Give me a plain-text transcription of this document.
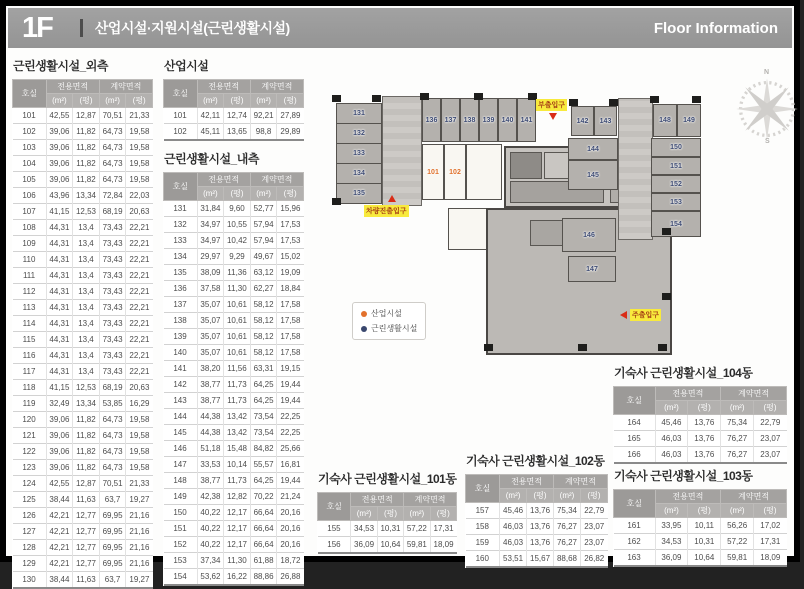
1F	산업시설·지원시설(근린생활시설)	Floor Information
근린생활시설_외측
호실	전용면적		계약면적	
	(m²)	(평)	(m²)	(평)
101	42,55	12,87	70,51	21,33
102	39,06	11,82	64,73	19,58
103	39,06	11,82	64,73	19,58
104	39,06	11,82	64,73	19,58
105	39,06	11,82	64,73	19,58
106	43,96	13,34	72,84	22,03
107	41,15	12,53	68,19	20,63
108	44,31	13,4	73,43	22,21
109	44,31	13,4	73,43	22,21
110	44,31	13,4	73,43	22,21
111	44,31	13,4	73,43	22,21
112	44,31	13,4	73,43	22,21
113	44,31	13,4	73,43	22,21
114	44,31	13,4	73,43	22,21
115	44,31	13,4	73,43	22,21
116	44,31	13,4	73,43	22,21
117	44,31	13,4	73,43	22,21
118	41,15	12,53	68,19	20,63
119	32,49	13,34	53,85	16,29
120	39,06	11,82	64,73	19,58
121	39,06	11,82	64,73	19,58
122	39,06	11,82	64,73	19,58
123	39,06	11,82	64,73	19,58
124	42,55	12,87	70,51	21,33
125	38,44	11,63	63,7	19,27
126	42,21	12,77	69,95	21,16
127	42,21	12,77	69,95	21,16
128	42,21	12,77	69,95	21,16
129	42,21	12,77	69,95	21,16
130	38,44	11,63	63,7	19,27
산업시설
호실	전용면적		계약면적	
	(m²)	(평)	(m²)	(평)
101	42,11	12,74	92,21	27,89
102	45,11	13,65	98,8	29,89
근린생활시설_내측
호실	전용면적		계약면적	
	(m²)	(평)	(m²)	(평)
131	31,84	9,60	52,77	15,96
132	34,97	10,55	57,94	17,53
133	34,97	10,42	57,94	17,53
134	29,97	9,29	49,67	15,02
135	38,09	11,36	63,12	19,09
136	37,58	11,30	62,27	18,84
137	35,07	10,61	58,12	17,58
138	35,07	10,61	58,12	17,58
139	35,07	10,61	58,12	17,58
140	35,07	10,61	58,12	17,58
141	38,20	11,56	63,31	19,15
142	38,77	11,73	64,25	19,44
143	38,77	11,73	64,25	19,44
144	44,38	13,42	73,54	22,25
145	44,38	13,42	73,54	22,25
146	51,18	15,48	84,82	25,66
147	33,53	10,14	55,57	16,81
148	38,77	11,73	64,25	19,44
149	42,38	12,82	70,22	21,24
150	40,22	12,17	66,64	20,16
151	40,22	12,17	66,64	20,16
152	40,22	12,17	66,64	20,16
153	37,34	11,30	61,88	18,72
154	53,62	16,22	88,86	26,88
기숙사 근린생활시설_101동
호실	전용면적		계약면적	
	(m²)	(평)	(m²)	(평)
155	34,53	10,31	57,22	17,31
156	36,09	10,64	59,81	18,09
기숙사 근린생활시설_102동
호실	전용면적		계약면적	
	(m²)	(평)	(m²)	(평)
157	45,46	13,76	75,34	22,79
158	46,03	13,76	76,27	23,07
159	46,03	13,76	76,27	23,07
160	53,51	15,67	88,68	26,82
기숙사 근린생활시설_104동
호실	전용면적		계약면적	
	(m²)	(평)	(m²)	(평)
164	45,46	13,76	75,34	22,79
165	46,03	13,76	76,27	23,07
166	46,03	13,76	76,27	23,07
기숙사 근린생활시설_103동
호실	전용면적		계약면적	
	(m²)	(평)	(m²)	(평)
161	33,95	10,11	56,26	17,02
162	34,53	10,31	57,22	17,31
163	36,09	10,64	59,81	18,09
131
132
133
134
135
136	137	138	139	140	141
101	102
146
147
142	143
144
145
148	149
150
151
152
153
154
부출입구
주출입구
차량진출입구
산업시설
근린생활시설
N
S
